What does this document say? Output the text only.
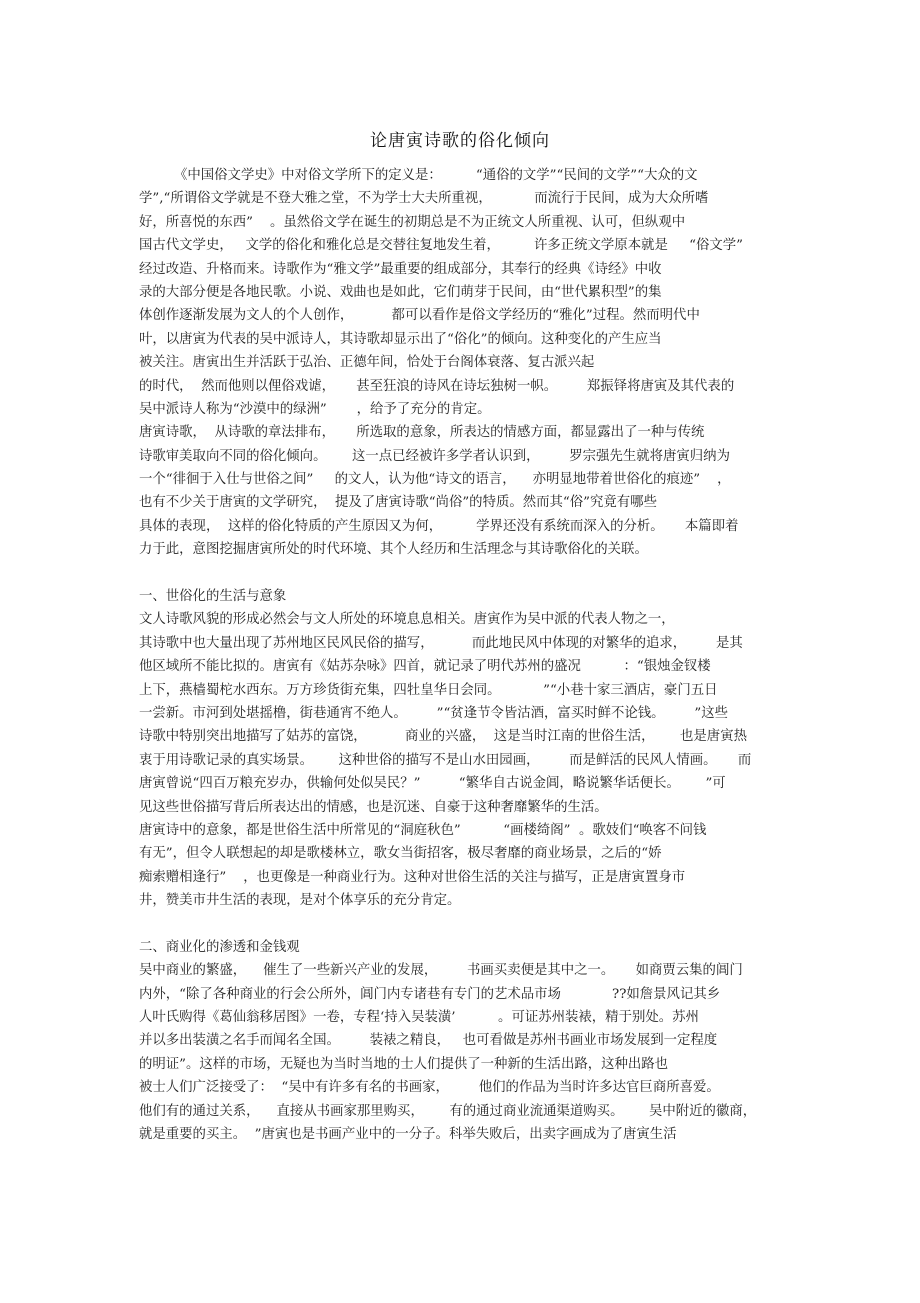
论唐寅诗歌的俗化倾向
《中国俗文学史》中对俗文学所下的定义是：        “通俗的文学”“民间的文学”“大众的文
学”,“所谓俗文学就是不登大雅之堂，不为学士大夫所重视，          而流行于民间，成为大众所嗜
好，所喜悦的东西”    。虽然俗文学在诞生的初期总是不为正统文人所重视、认可，但纵观中
国古代文学史，   文学的俗化和雅化总是交替往复地发生着，        许多正统文学原本就是     “俗文学”
经过改造、升格而来。诗歌作为“雅文学”最重要的组成部分，其奉行的经典《诗经》中收
录的大部分便是各地民歌。小说、戏曲也是如此，它们萌芽于民间，由“世代累积型”的集
体创作逐渐发展为文人的个人创作，         都可以看作是俗文学经历的“雅化”过程。然而明代中
叶，以唐寅为代表的吴中派诗人，其诗歌却显示出了“俗化”的倾向。这种变化的产生应当
被关注。唐寅出生并活跃于弘治、正德年间，恰处于台阁体衰落、复古派兴起
的时代，  然而他则以俚俗戏谑，     甚至狂浪的诗风在诗坛独树一帜。       郑振铎将唐寅及其代表的
吴中派诗人称为“沙漠中的绿洲”       ，给予了充分的肯定。
唐寅诗歌，  从诗歌的章法排布，     所选取的意象，所表达的情感方面，都显露出了一种与传统
诗歌审美取向不同的俗化倾向。      这一点已经被许多学者认识到，       罗宗强先生就将唐寅归纳为
一个“徘徊于入仕与世俗之间”     的文人，认为他“诗文的语言，    亦明显地带着世俗化的痕迹”    ，
也有不少关于唐寅的文学研究，  提及了唐寅诗歌“尚俗”的特质。然而其“俗”究竟有哪些
具体的表现，  这样的俗化特质的产生原因又为何，        学界还没有系统而深入的分析。     本篇即着
力于此，意图挖掘唐寅所处的时代环境、其个人经历和生活理念与其诗歌俗化的关联。
一、世俗化的生活与意象
文人诗歌风貌的形成必然会与文人所处的环境息息相关。唐寅作为吴中派的代表人物之一，
其诗歌中也大量出现了苏州地区民风民俗的描写，         而此地民风中体现的对繁华的追求，       是其
他区域所不能比拟的。唐寅有《姑苏杂咏》四首，就记录了明代苏州的盛况          ：“银烛金钗楼
上下，燕樯蜀柁水西东。万方珍货街充集，四牡皇华日会同。          ”“小巷十家三酒店，豪门五日
一尝新。市河到处堪摇橹，街巷通宵不绝人。       ”“贫逢节令皆沽酒，富买时鲜不论钱。       ”这些
诗歌中特别突出地描写了姑苏的富饶，         商业的兴盛，  这是当时江南的世俗生活，      也是唐寅热
衷于用诗歌记录的真实场景。      这种世俗的描写不是山水田园画，       而是鲜活的民风人情画。     而
唐寅曾说“四百万粮充岁办，供输何处似吴民？”         “繁华自古说金阊，略说繁华话便长。      ”可
见这些世俗描写背后所表达出的情感，也是沉迷、自豪于这种奢靡繁华的生活。
唐寅诗中的意象，都是世俗生活中所常见的“洞庭秋色”          “画楼绮阁”  。歌妓们“唤客不问钱
有无”，但令人联想起的却是歌楼林立，歌女当街招客，极尽奢靡的商业场景，之后的“娇
痴索赠相逢行”    ，也更像是一种商业行为。这种对世俗生活的关注与描写，正是唐寅置身市
井，赞美市井生活的表现，是对个体享乐的充分肯定。
二、商业化的渗透和金钱观
吴中商业的繁盛，    催生了一些新兴产业的发展，       书画买卖便是其中之一。     如商贾云集的阊门
内外，“除了各种商业的行会公所外，阊门内专诸巷有专门的艺术品市场            ??如詹景风记其乡
人叶氏购得《葛仙翁移居图》一卷，专程‘持入吴装潢’          。可证苏州装裱，精于别处。苏州
并以多出装潢之名手而闻名全国。       装裱之精良，   也可看做是苏州书画业市场发展到一定程度
的明证”。这样的市场，无疑也为当时当地的士人们提供了一种新的生活出路，这种出路也
被士人们广泛接受了：  “吴中有许多有名的书画家，       他们的作品为当时许多达官巨商所喜爱。
他们有的通过关系，    直接从书画家那里购买，      有的通过商业流通渠道购买。      吴中附近的徽商，
就是重要的买主。  ”唐寅也是书画产业中的一分子。科举失败后，出卖字画成为了唐寅生活
